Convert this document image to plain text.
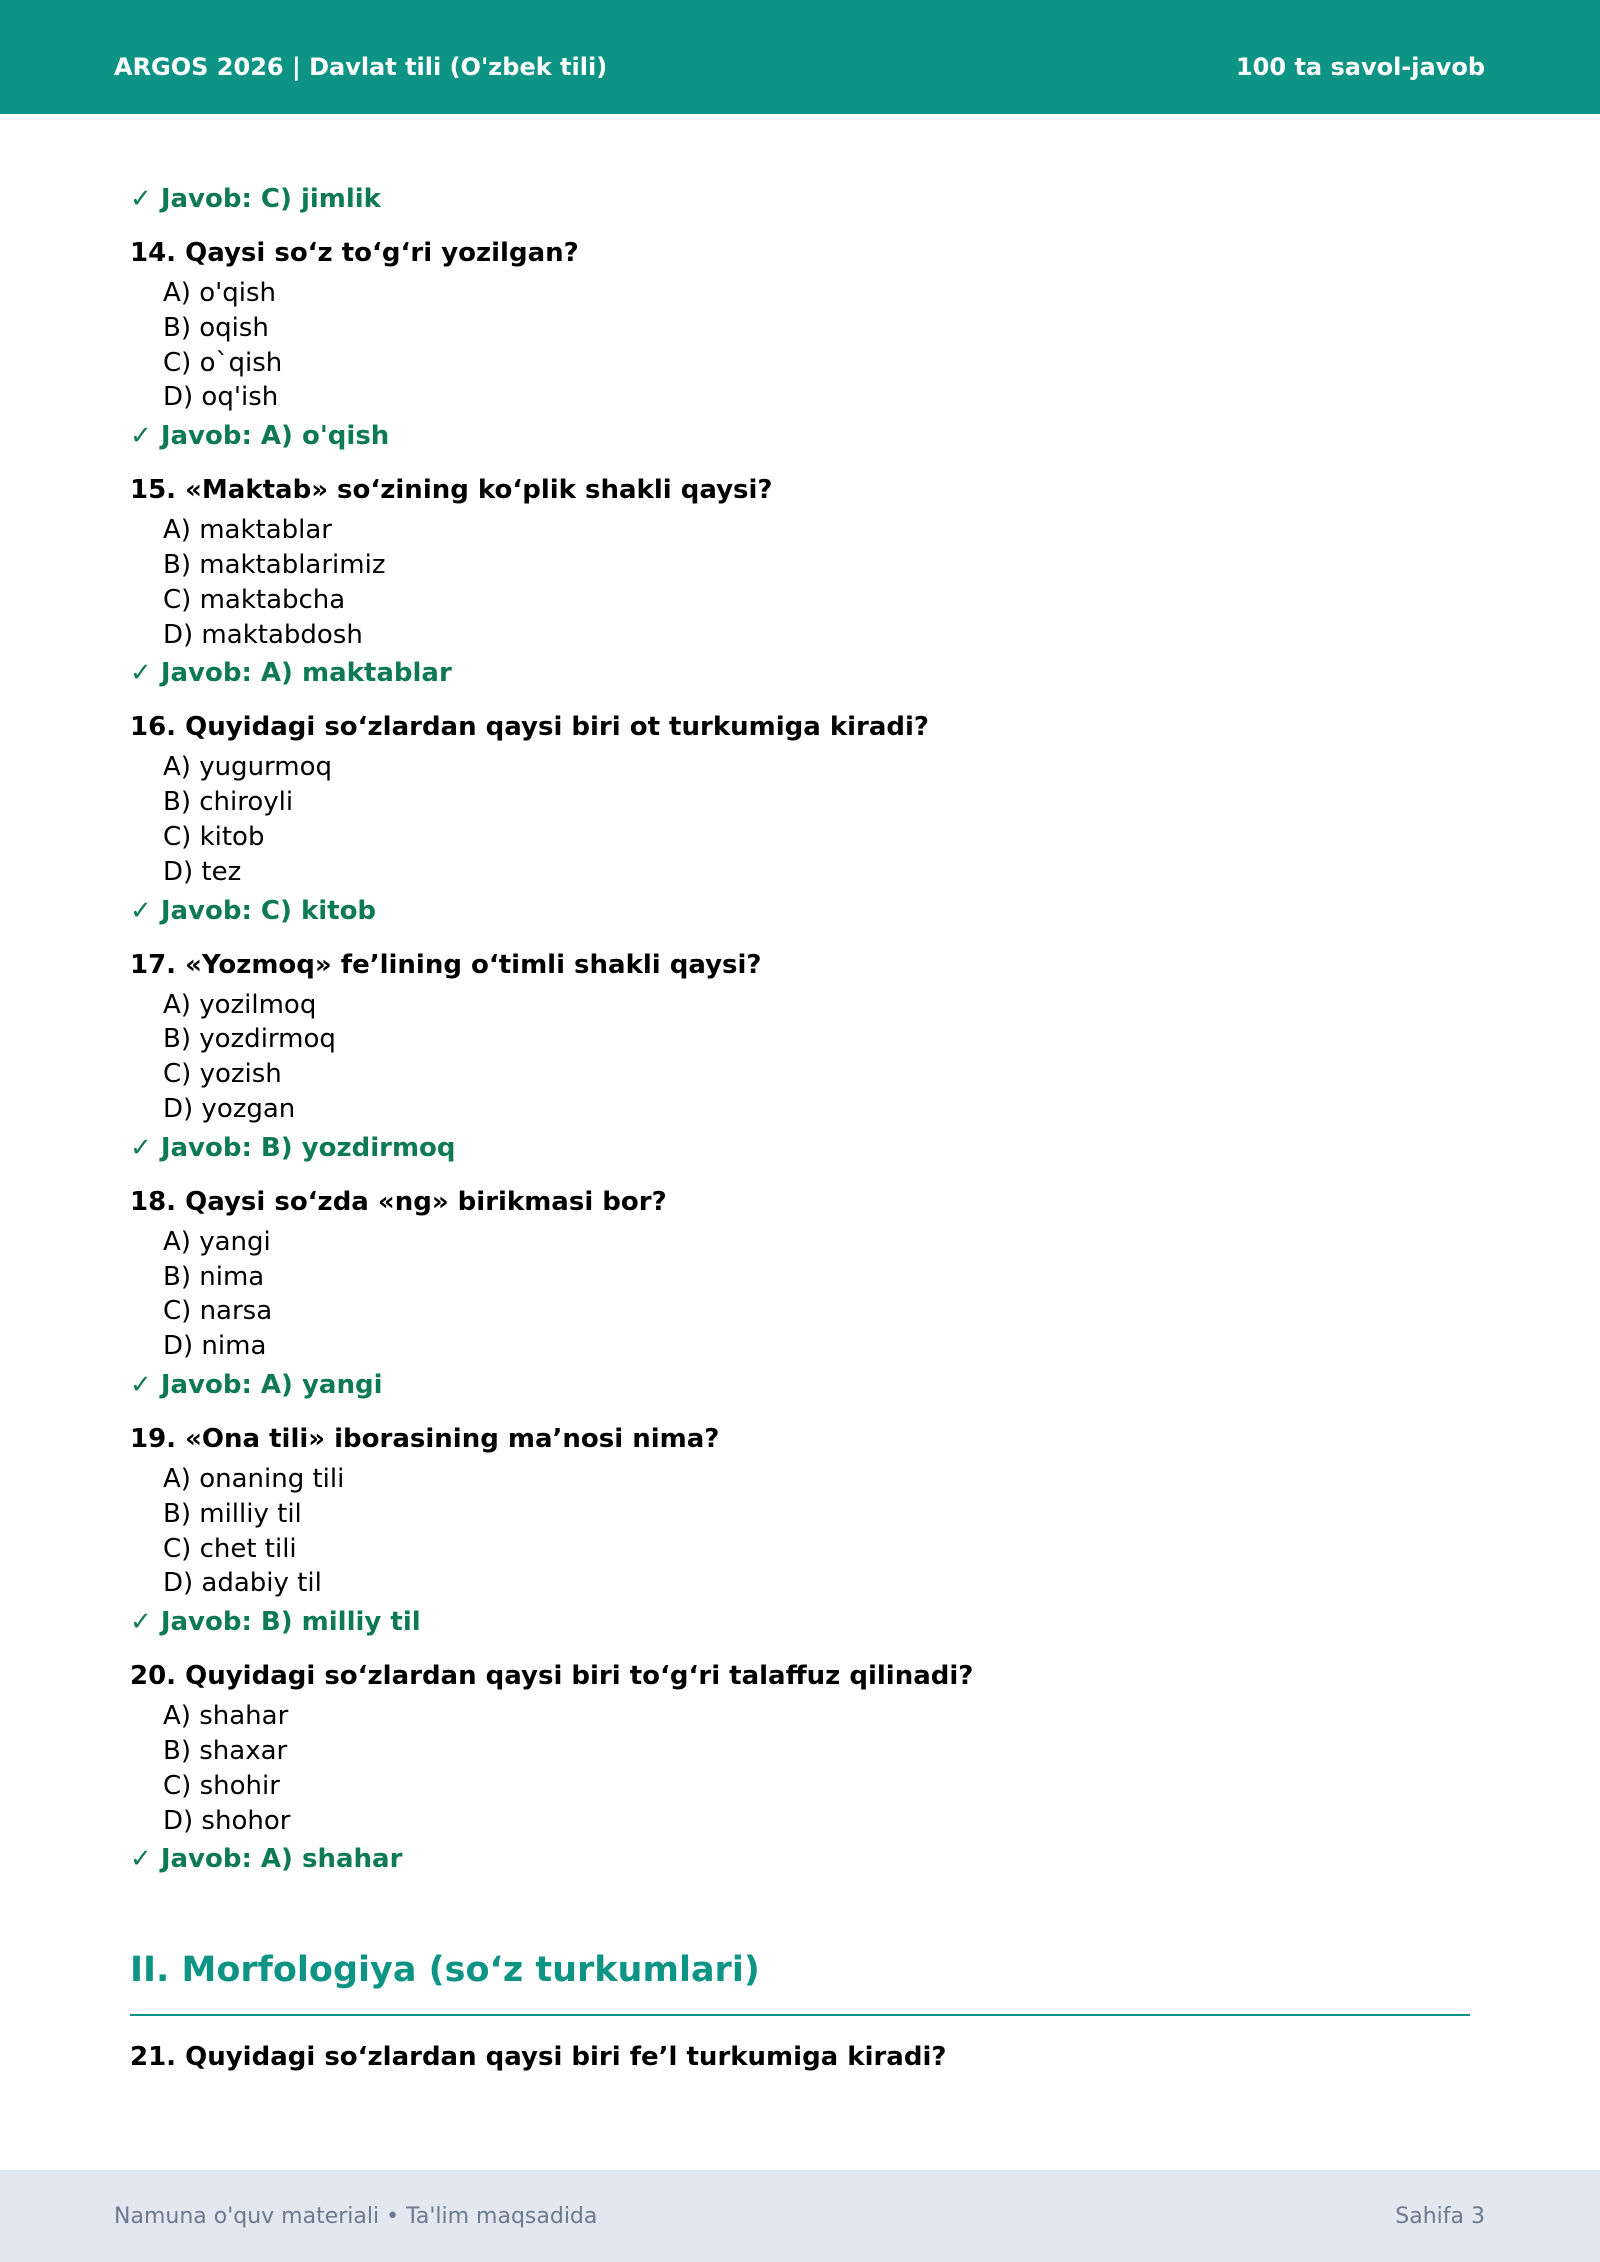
ARGOS 2026 | Davlat tili (O'zbek tili)	100 ta savol-javob
✓ Javob: C) jimlik
14. Qaysi so‘z to‘g‘ri yozilgan?
A) o'qish
B) oqish
C) o`qish
D) oq'ish
✓ Javob: A) o'qish
15. «Maktab» so‘zining ko‘plik shakli qaysi?
A) maktablar
B) maktablarimiz
C) maktabcha
D) maktabdosh
✓ Javob: A) maktablar
16. Quyidagi so‘zlardan qaysi biri ot turkumiga kiradi?
A) yugurmoq
B) chiroyli
C) kitob
D) tez
✓ Javob: C) kitob
17. «Yozmoq» fe’lining o‘timli shakli qaysi?
A) yozilmoq
B) yozdirmoq
C) yozish
D) yozgan
✓ Javob: B) yozdirmoq
18. Qaysi so‘zda «ng» birikmasi bor?
A) yangi
B) nima
C) narsa
D) nima
✓ Javob: A) yangi
19. «Ona tili» iborasining ma’nosi nima?
A) onaning tili
B) milliy til
C) chet tili
D) adabiy til
✓ Javob: B) milliy til
20. Quyidagi so‘zlardan qaysi biri to‘g‘ri talaffuz qilinadi?
A) shahar
B) shaxar
C) shohir
D) shohor
✓ Javob: A) shahar
II. Morfologiya (so‘z turkumlari)
21. Quyidagi so‘zlardan qaysi biri fe’l turkumiga kiradi?
Namuna o'quv materiali • Ta'lim maqsadida	Sahifa 3
